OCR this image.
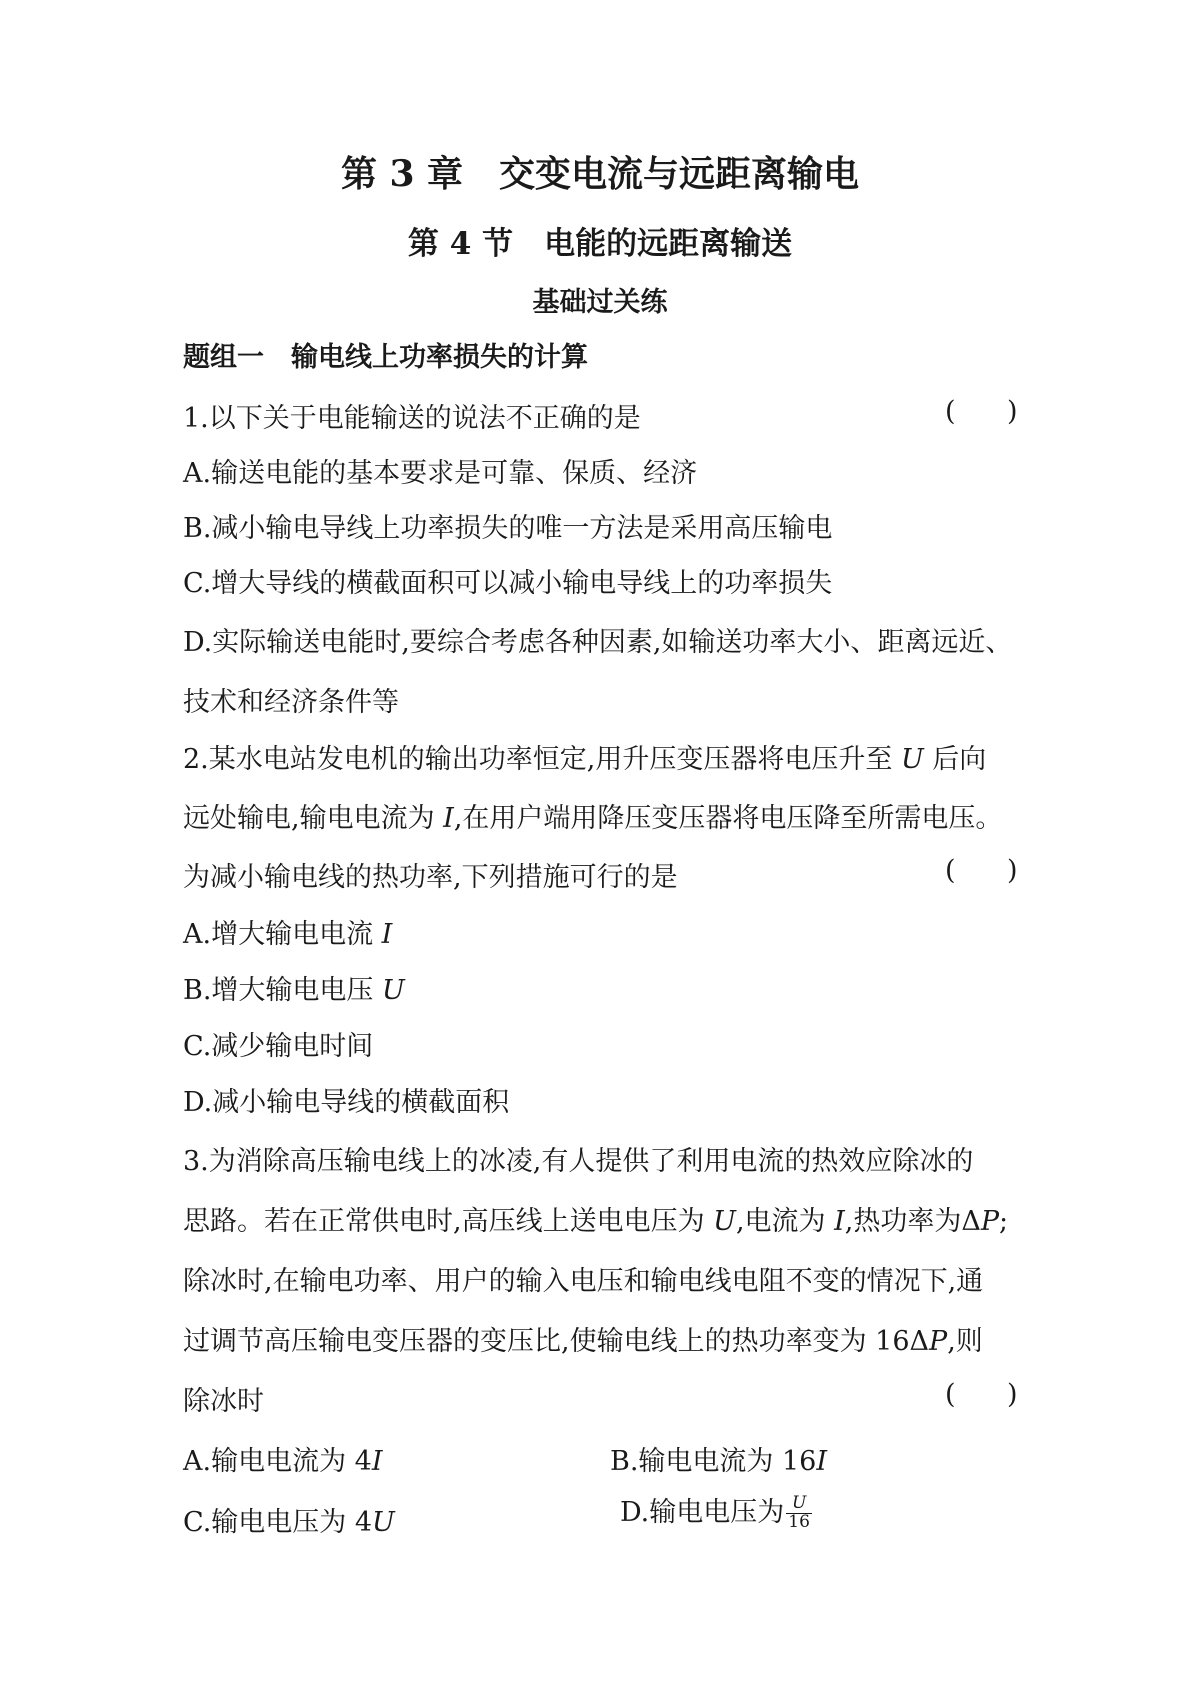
第 3 章　交变电流与远距离输电
第 4 节　电能的远距离输送
基础过关练
题组一　输电线上功率损失的计算
1.以下关于电能输送的说法不正确的是	(      )
A.输送电能的基本要求是可靠、保质、经济
B.减小输电导线上功率损失的唯一方法是采用高压输电
C.增大导线的横截面积可以减小输电导线上的功率损失
D.实际输送电能时,要综合考虑各种因素,如输送功率大小、距离远近、
技术和经济条件等
2.某水电站发电机的输出功率恒定,用升压变压器将电压升至 U 后向
远处输电,输电电流为 I,在用户端用降压变压器将电压降至所需电压。
为减小输电线的热功率,下列措施可行的是	(      )
A.增大输电电流 I
B.增大输电电压 U
C.减少输电时间
D.减小输电导线的横截面积
3.为消除高压输电线上的冰凌,有人提供了利用电流的热效应除冰的
思路。若在正常供电时,高压线上送电电压为 U,电流为 I,热功率为ΔP;
除冰时,在输电功率、用户的输入电压和输电线电阻不变的情况下,通
过调节高压输电变压器的变压比,使输电线上的热功率变为 16ΔP,则
除冰时	(      )
A.输电电流为 4I	B.输电电流为 16I
C.输电电压为 4U	D.输电电压为 $\frac{U}{16}$
